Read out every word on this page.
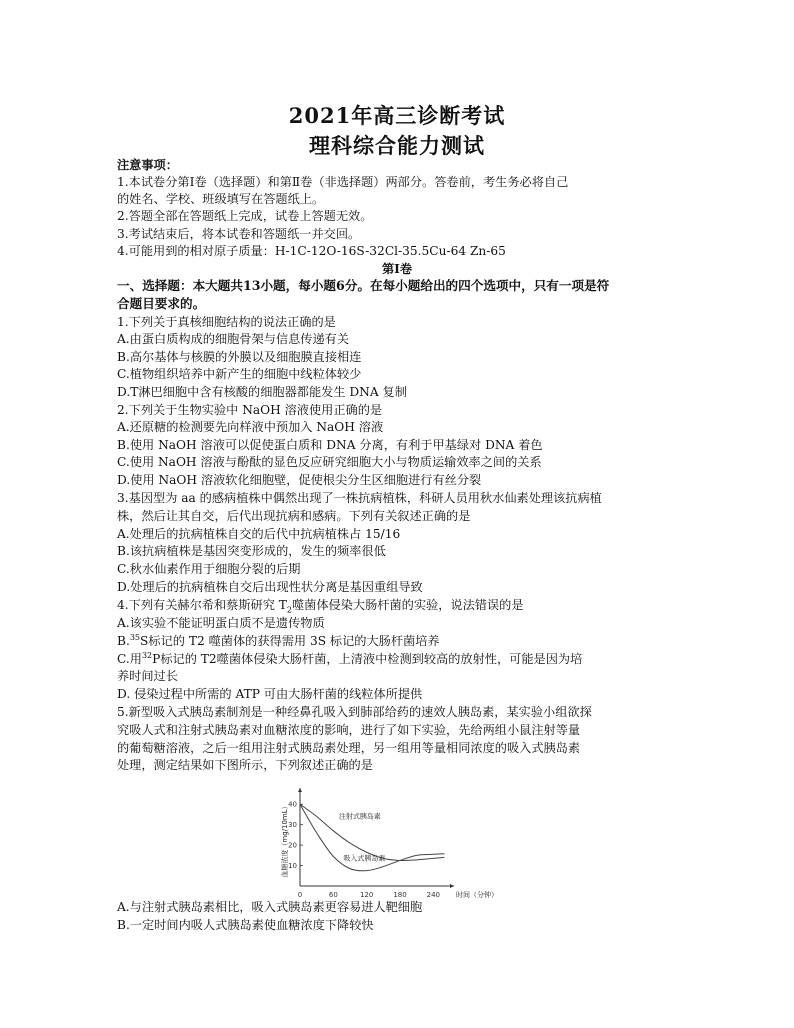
2021年高三诊断考试
理科综合能力测试
注意事项：
1.本试卷分第Ⅰ卷（选择题）和第Ⅱ卷（非选择题）两部分。答卷前，考生务必将自己
的姓名、学校、班级填写在答题纸上。
2.答题全部在答题纸上完成，试卷上答题无效。
3.考试结束后，将本试卷和答题纸一并交回。
4.可能用到的相对原子质量：H-1C-12O-16S-32Cl-35.5Cu-64 Zn-65
第Ⅰ卷
一、选择题：本大题共13小题，每小题6分。在每小题给出的四个选项中，只有一项是符
合题目要求的。
1.下列关于真核细胞结构的说法正确的是
A.由蛋白质构成的细胞骨架与信息传递有关
B.高尔基体与核膜的外膜以及细胞膜直接相连
C.植物组织培养中新产生的细胞中线粒体较少
D.T淋巴细胞中含有核酸的细胞器都能发生 DNA 复制
2.下列关于生物实验中 NaOH 溶液使用正确的是
A.还原糖的检测要先向样液中预加入 NaOH 溶液
B.使用 NaOH 溶液可以促使蛋白质和 DNA 分离，有利于甲基绿对 DNA 着色
C.使用 NaOH 溶液与酚酞的显色反应研究细胞大小与物质运输效率之间的关系
D.使用 NaOH 溶液软化细胞壁，促使根尖分生区细胞进行有丝分裂
3.基因型为 aa 的感病植株中偶然出现了一株抗病植株，科研人员用秋水仙素处理该抗病植
株，然后让其自交，后代出现抗病和感病。下列有关叙述正确的是
A.处理后的抗病植株自交的后代中抗病植株占 15/16
B.该抗病植株是基因突变形成的，发生的频率很低
C.秋水仙素作用于细胞分裂的后期
D.处理后的抗病植株自交后出现性状分离是基因重组导致
4.下列有关赫尔希和蔡斯研究 $T_2$噬菌体侵染大肠杆菌的实验，说法错误的是
A.该实验不能证明蛋白质不是遗传物质
B.$^{35}$S标记的 T2 噬菌体的获得需用 3S 标记的大肠杆菌培养
C.用$^{32}$P标记的 T2噬菌体侵染大肠杆菌，上清液中检测到较高的放射性，可能是因为培
养时间过长
D. 侵染过程中所需的 ATP 可由大肠杆菌的线粒体所提供
5.新型吸入式胰岛素制剂是一种经鼻孔吸入到肺部给药的速效人胰岛素，某实验小组欲探
究吸人式和注射式胰岛素对血糖浓度的影响，进行了如下实验，先给两组小鼠注射等量
的葡萄糖溶液，之后一组用注射式胰岛素处理，另一组用等量相同浓度的吸入式胰岛素
处理，测定结果如下图所示，下列叙述正确的是
0	60	120	180	240
10
20
30
40
注射式胰岛素
吸入式胰岛素
血糖浓度（mg/10mL）
时间（分钟）
A.与注射式胰岛素相比，吸入式胰岛素更容易进人靶细胞
B.一定时间内吸人式胰岛素使血糖浓度下降较快
